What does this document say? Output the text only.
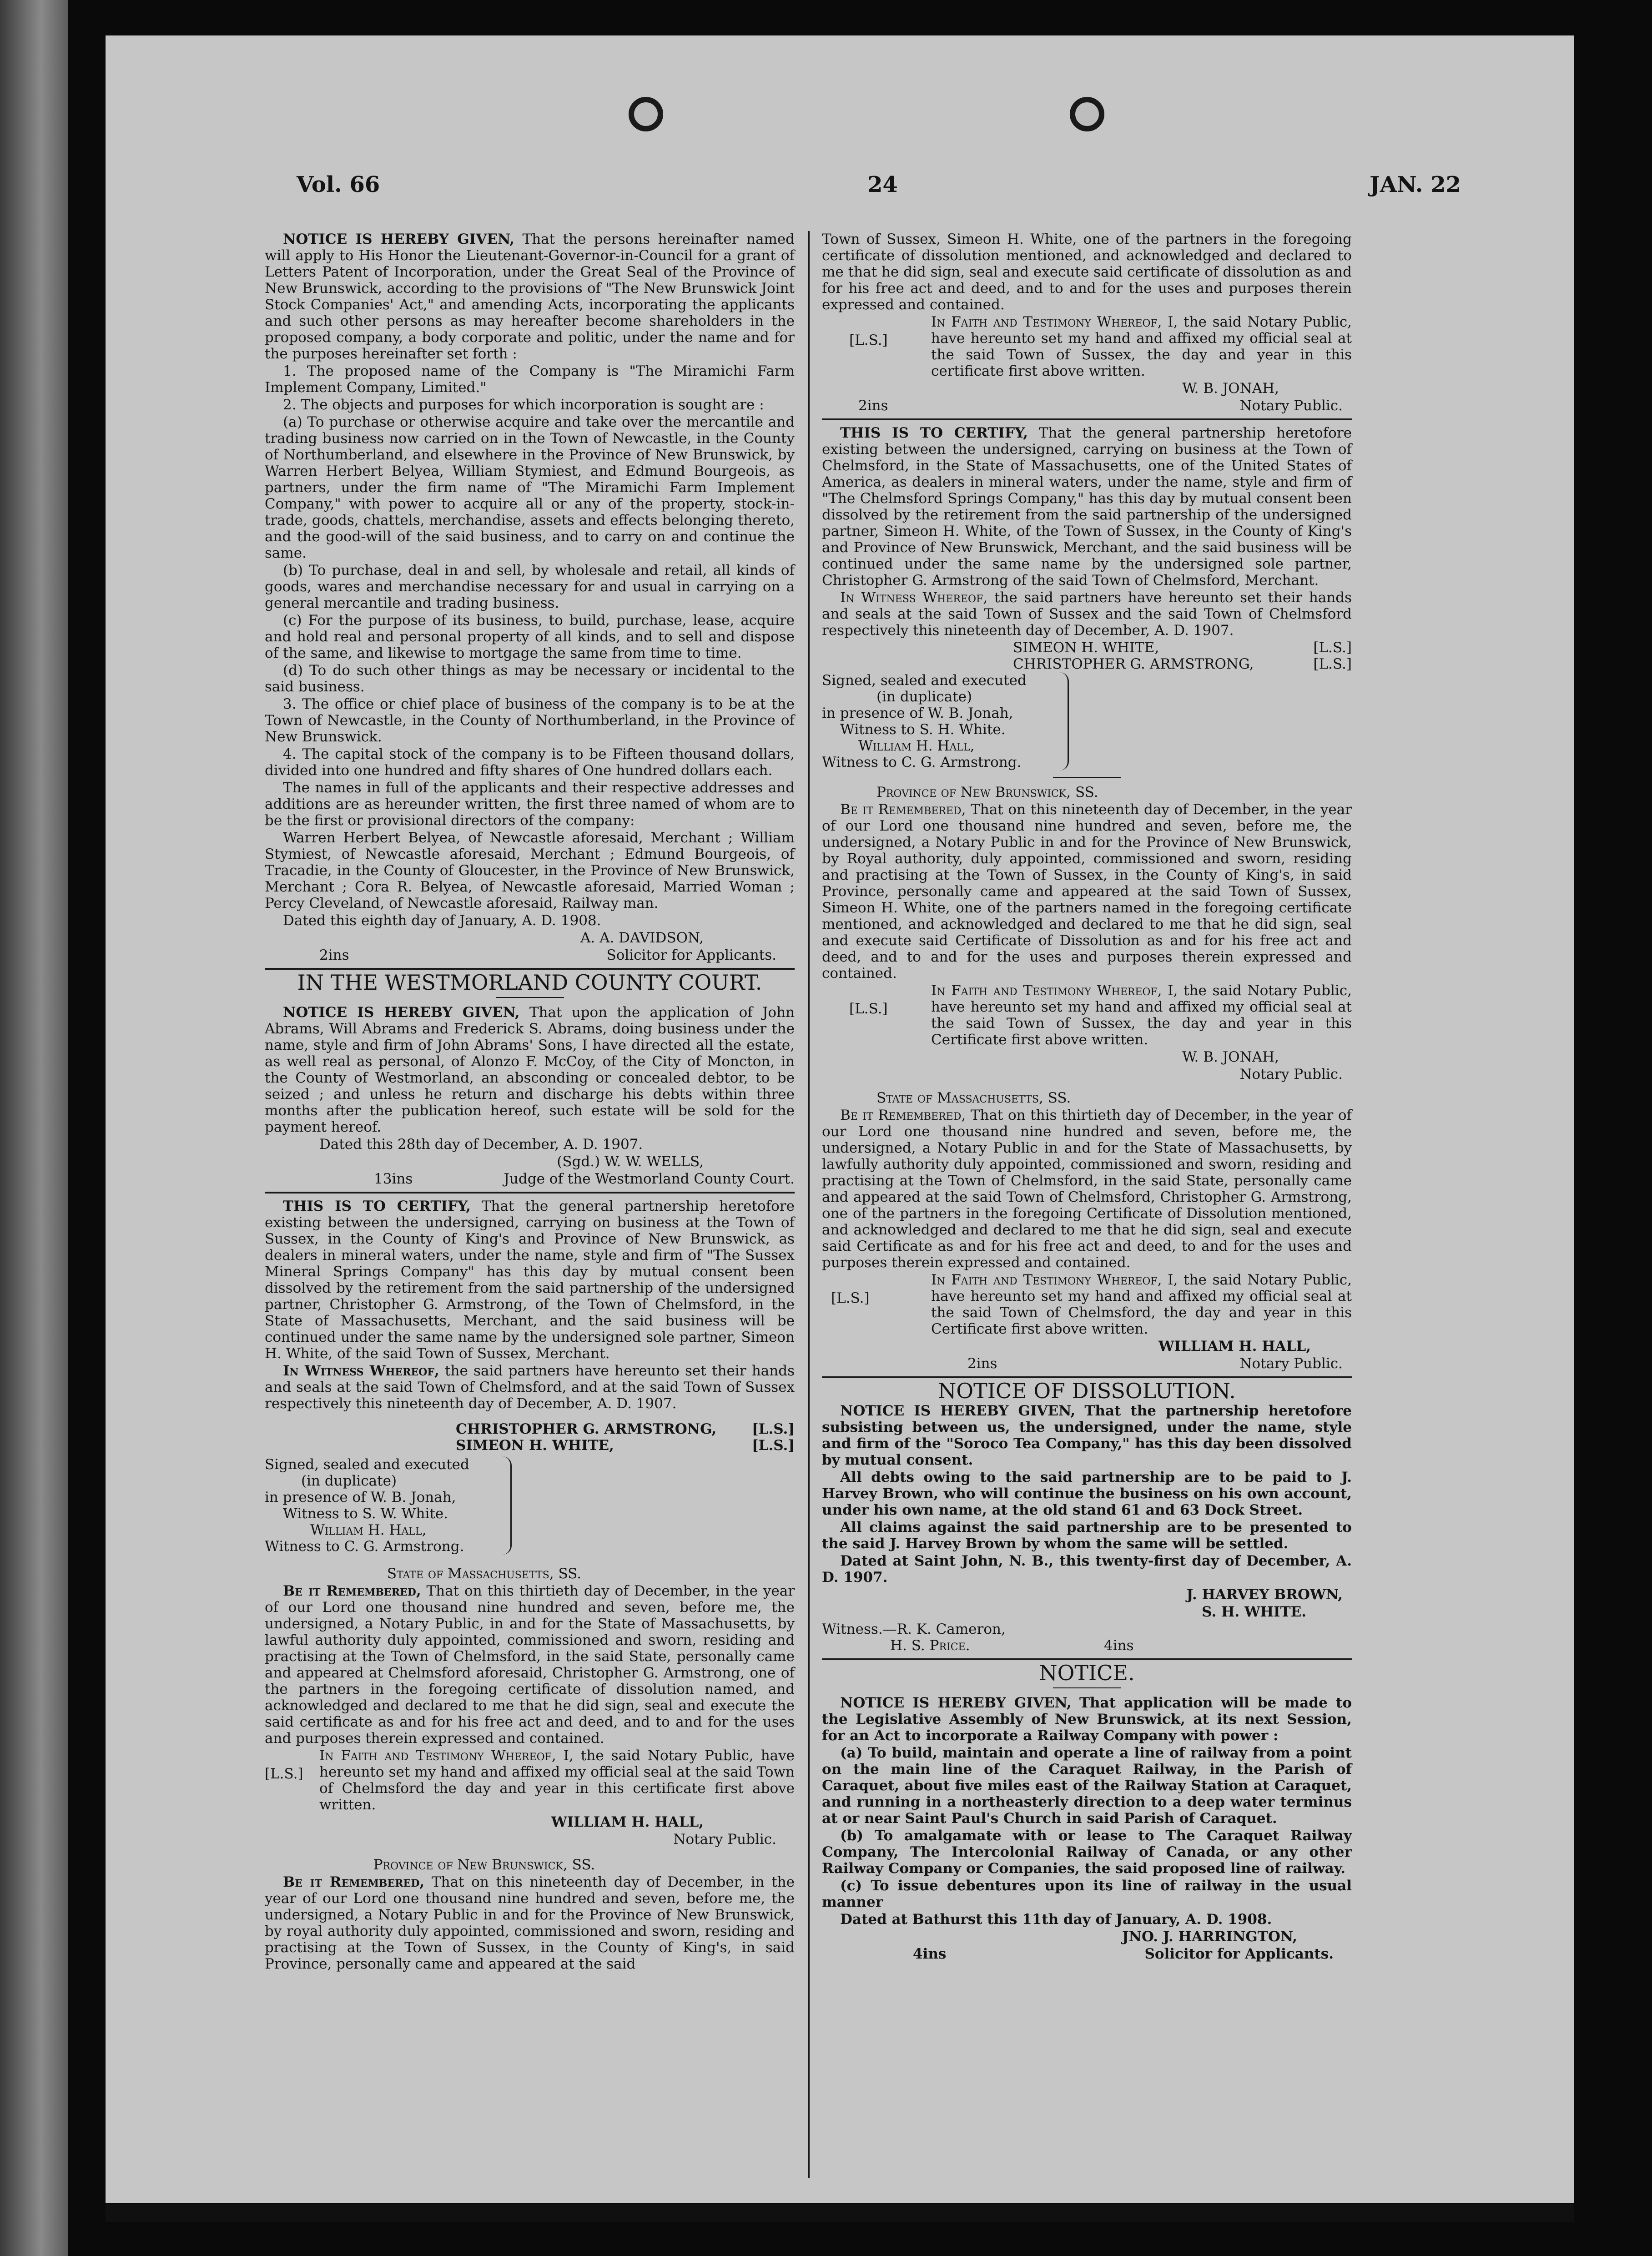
Vol. 66	24	JAN. 22

NOTICE IS HEREBY GIVEN, That the persons hereinafter named will apply to His Honor the Lieutenant-Governor-in-Council for a grant of Letters Patent of Incorporation, under the Great Seal of the Province of New Brunswick, according to the provisions of "The New Brunswick Joint Stock Companies' Act," and amending Acts, incorporating the applicants and such other persons as may hereafter become shareholders in the proposed company, a body corporate and politic, under the name and for the purposes hereinafter set forth :

1. The proposed name of the Company is "The Miramichi Farm Implement Company, Limited."

2. The objects and purposes for which incorporation is sought are :

(a) To purchase or otherwise acquire and take over the mercantile and trading business now carried on in the Town of Newcastle, in the County of Northumberland, and elsewhere in the Province of New Brunswick, by Warren Herbert Belyea, William Stymiest, and Edmund Bourgeois, as partners, under the firm name of "The Miramichi Farm Implement Company," with power to acquire all or any of the property, stock-in-trade, goods, chattels, merchandise, assets and effects belonging thereto, and the good-will of the said business, and to carry on and continue the same.

(b) To purchase, deal in and sell, by wholesale and retail, all kinds of goods, wares and merchandise necessary for and usual in carrying on a general mercantile and trading business.

(c) For the purpose of its business, to build, purchase, lease, acquire and hold real and personal property of all kinds, and to sell and dispose of the same, and likewise to mortgage the same from time to time.

(d) To do such other things as may be necessary or incidental to the said business.

3. The office or chief place of business of the company is to be at the Town of Newcastle, in the County of Northumberland, in the Province of New Brunswick.

4. The capital stock of the company is to be Fifteen thousand dollars, divided into one hundred and fifty shares of One hundred dollars each.

The names in full of the applicants and their respective addresses and additions are as hereunder written, the first three named of whom are to be the first or provisional directors of the company:

Warren Herbert Belyea, of Newcastle aforesaid, Merchant ; William Stymiest, of Newcastle aforesaid, Merchant ; Edmund Bourgeois, of Tracadie, in the County of Gloucester, in the Province of New Brunswick, Merchant ; Cora R. Belyea, of Newcastle aforesaid, Married Woman ; Percy Cleveland, of Newcastle aforesaid, Railway man.

Dated this eighth day of January, A. D. 1908.

A. A. DAVIDSON,

2ins	Solicitor for Applicants.
IN THE WESTMORLAND COUNTY COURT.

NOTICE IS HEREBY GIVEN, That upon the application of John Abrams, Will Abrams and Frederick S. Abrams, doing business under the name, style and firm of John Abrams' Sons, I have directed all the estate, as well real as personal, of Alonzo F. McCoy, of the City of Moncton, in the County of Westmorland, an absconding or concealed debtor, to be seized ; and unless he return and discharge his debts within three months after the publication hereof, such estate will be sold for the payment hereof.

Dated this 28th day of December, A. D. 1907.

(Sgd.) W. W. WELLS,

13ins	Judge of the Westmorland County Court.

THIS IS TO CERTIFY, That the general partnership heretofore existing between the undersigned, carrying on business at the Town of Sussex, in the County of King's and Province of New Brunswick, as dealers in mineral waters, under the name, style and firm of "The Sussex Mineral Springs Company" has this day by mutual consent been dissolved by the retirement from the said partnership of the undersigned partner, Christopher G. Armstrong, of the Town of Chelmsford, in the State of Massachusetts, Merchant, and the said business will be continued under the same name by the undersigned sole partner, Simeon H. White, of the said Town of Sussex, Merchant.

In Witness Whereof, the said partners have hereunto set their hands and seals at the said Town of Chelmsford, and at the said Town of Sussex respectively this nineteenth day of December, A. D. 1907.

CHRISTOPHER G. ARMSTRONG,	[L.S.]
SIMEON H. WHITE,	[L.S.]
Signed, sealed and executed
(in duplicate)
in presence of W. B. Jonah,
Witness to S. W. White.
William H. Hall,
Witness to C. G. Armstrong.

State of Massachusetts, SS.

Be it Remembered, That on this thirtieth day of December, in the year of our Lord one thousand nine hundred and seven, before me, the undersigned, a Notary Public, in and for the State of Massachusetts, by lawful authority duly appointed, commissioned and sworn, residing and practising at the Town of Chelmsford, in the said State, personally came and appeared at Chelmsford aforesaid, Christopher G. Armstrong, one of the partners in the foregoing certificate of dissolution named, and acknowledged and declared to me that he did sign, seal and execute the said certificate as and for his free act and deed, and to and for the uses and purposes therein expressed and contained.

[L.S.]

In Faith and Testimony Whereof, I, the said Notary Public, have hereunto set my hand and affixed my official seal at the said Town of Chelmsford the day and year in this certificate first above written.

WILLIAM H. HALL,

Notary Public.

Province of New Brunswick, SS.

Be it Remembered, That on this nineteenth day of December, in the year of our Lord one thousand nine hundred and seven, before me, the undersigned, a Notary Public in and for the Province of New Brunswick, by royal authority duly appointed, commissioned and sworn, residing and practising at the Town of Sussex, in the County of King's, in said Province, personally came and appeared at the said

Town of Sussex, Simeon H. White, one of the partners in the foregoing certificate of dissolution mentioned, and acknowledged and declared to me that he did sign, seal and execute said certificate of dissolution as and for his free act and deed, and to and for the uses and purposes therein expressed and contained.

[L.S.]

In Faith and Testimony Whereof, I, the said Notary Public, have hereunto set my hand and affixed my official seal at the said Town of Sussex, the day and year in this certificate first above written.

W. B. JONAH,

2ins	Notary Public.

THIS IS TO CERTIFY, That the general partnership heretofore existing between the undersigned, carrying on business at the Town of Chelmsford, in the State of Massachusetts, one of the United States of America, as dealers in mineral waters, under the name, style and firm of "The Chelmsford Springs Company," has this day by mutual consent been dissolved by the retirement from the said partnership of the undersigned partner, Simeon H. White, of the Town of Sussex, in the County of King's and Province of New Brunswick, Merchant, and the said business will be continued under the same name by the undersigned sole partner, Christopher G. Armstrong of the said Town of Chelmsford, Merchant.

In Witness Whereof, the said partners have hereunto set their hands and seals at the said Town of Sussex and the said Town of Chelmsford respectively this nineteenth day of December, A. D. 1907.

SIMEON H. WHITE,	[L.S.]
CHRISTOPHER G. ARMSTRONG,	[L.S.]
Signed, sealed and executed
(in duplicate)
in presence of W. B. Jonah,
Witness to S. H. White.
William H. Hall,
Witness to C. G. Armstrong.

Province of New Brunswick, SS.

Be it Remembered, That on this nineteenth day of December, in the year of our Lord one thousand nine hundred and seven, before me, the undersigned, a Notary Public in and for the Province of New Brunswick, by Royal authority, duly appointed, commissioned and sworn, residing and practising at the Town of Sussex, in the County of King's, in said Province, personally came and appeared at the said Town of Sussex, Simeon H. White, one of the partners named in the foregoing certificate mentioned, and acknowledged and declared to me that he did sign, seal and execute said Certificate of Dissolution as and for his free act and deed, and to and for the uses and purposes therein expressed and contained.

[L.S.]

In Faith and Testimony Whereof, I, the said Notary Public, have hereunto set my hand and affixed my official seal at the said Town of Sussex, the day and year in this Certificate first above written.

W. B. JONAH,

Notary Public.

State of Massachusetts, SS.

Be it Remembered, That on this thirtieth day of December, in the year of our Lord one thousand nine hundred and seven, before me, the undersigned, a Notary Public in and for the State of Massachusetts, by lawfully authority duly appointed, commissioned and sworn, residing and practising at the Town of Chelmsford, in the said State, personally came and appeared at the said Town of Chelmsford, Christopher G. Armstrong, one of the partners in the foregoing Certificate of Dissolution mentioned, and acknowledged and declared to me that he did sign, seal and execute said Certificate as and for his free act and deed, to and for the uses and purposes therein expressed and contained.

[L.S.]

In Faith and Testimony Whereof, I, the said Notary Public, have hereunto set my hand and affixed my official seal at the said Town of Chelmsford, the day and year in this Certificate first above written.

WILLIAM H. HALL,

2ins	Notary Public.
NOTICE OF DISSOLUTION.

NOTICE IS HEREBY GIVEN, That the partnership heretofore subsisting between us, the undersigned, under the name, style and firm of the "Soroco Tea Company," has this day been dissolved by mutual consent.

All debts owing to the said partnership are to be paid to J. Harvey Brown, who will continue the business on his own account, under his own name, at the old stand 61 and 63 Dock Street.

All claims against the said partnership are to be presented to the said J. Harvey Brown by whom the same will be settled.

Dated at Saint John, N. B., this twenty-first day of December, A. D. 1907.

J. HARVEY BROWN,

S. H. WHITE.

Witness.—R. K. Cameron,
H. S. Price.	4ins
NOTICE.

NOTICE IS HEREBY GIVEN, That application will be made to the Legislative Assembly of New Brunswick, at its next Session, for an Act to incorporate a Railway Company with power :

(a) To build, maintain and operate a line of railway from a point on the main line of the Caraquet Railway, in the Parish of Caraquet, about five miles east of the Railway Station at Caraquet, and running in a northeasterly direction to a deep water terminus at or near Saint Paul's Church in said Parish of Caraquet.

(b) To amalgamate with or lease to The Caraquet Railway Company, The Intercolonial Railway of Canada, or any other Railway Company or Companies, the said proposed line of railway.

(c) To issue debentures upon its line of railway in the usual manner

Dated at Bathurst this 11th day of January, A. D. 1908.

JNO. J. HARRINGTON,

4ins	Solicitor for Applicants.
